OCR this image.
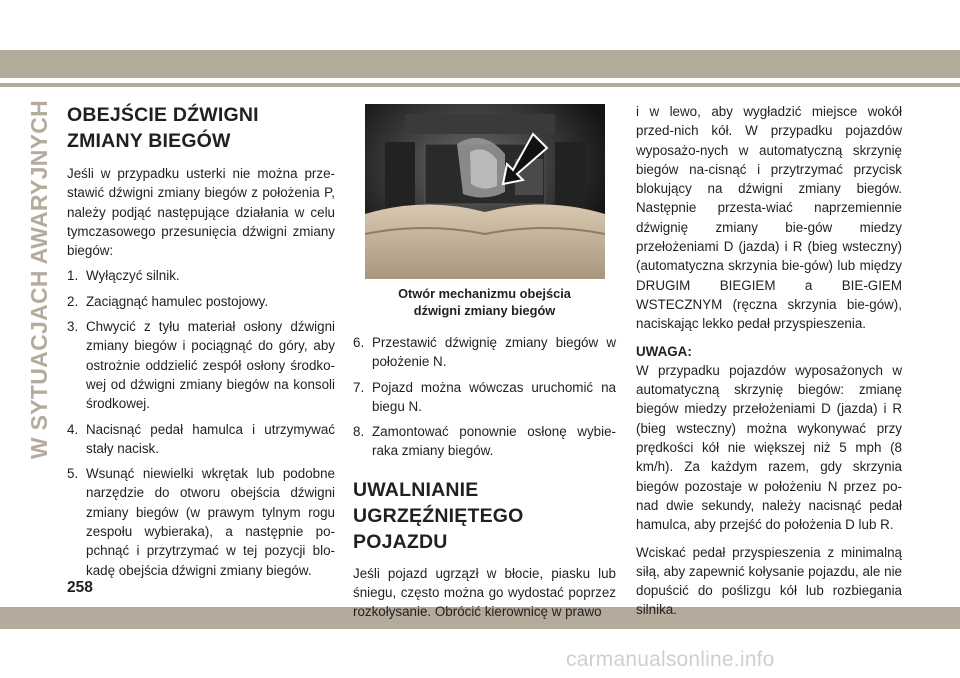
W SYTUACJACH AWARYJNYCH OBEJŚCIE DŹWIGNI
ZMIANY BIEGÓW

Jeśli w przypadku usterki nie można prze-stawić dźwigni zmiany biegów z położenia P, należy podjąć następujące działania w celu tymczasowego przesunięcia dźwigni zmiany biegów:

1. Wyłączyć silnik.
2. Zaciągnąć hamulec postojowy.
3. Chwycić z tyłu materiał osłony dźwigni zmiany biegów i pociągnąć do góry, aby ostrożnie oddzielić zespół osłony środko-wej od dźwigni zmiany biegów na konsoli środkowej.
4. Nacisnąć pedał hamulca i utrzymywać stały nacisk.
5. Wsunąć niewielki wkrętak lub podobne narzędzie do otworu obejścia dźwigni zmiany biegów (w prawym tylnym rogu zespołu wybieraka), a następnie po-pchnąć i przytrzymać w tej pozycji blo-kadę obejścia dźwigni zmiany biegów.
Otwór mechanizmu obejścia
dźwigni zmiany biegów
6. Przestawić dźwignię zmiany biegów w położenie N.
7. Pojazd można wówczas uruchomić na biegu N.
8. Zamontować ponownie osłonę wybie-raka zmiany biegów.
UWALNIANIE
UGRZĘŹNIĘTEGO POJAZDU

Jeśli pojazd ugrzązł w błocie, piasku lub śniegu, często można go wydostać poprzez rozkołysanie. Obrócić kierownicę w prawo

i w lewo, aby wygładzić miejsce wokół przed-nich kół. W przypadku pojazdów wyposażo-nych w automatyczną skrzynię biegów na-cisnąć i przytrzymać przycisk blokujący na dźwigni zmiany biegów. Następnie przesta-wiać naprzemiennie dźwignię zmiany bie-gów miedzy przełożeniami D (jazda) i R (bieg wsteczny) (automatyczna skrzynia bie-gów) lub między DRUGIM BIEGIEM a BIE-GIEM WSTECZNYM (ręczna skrzynia bie-gów), naciskając lekko pedał przyspieszenia.

UWAGA:
W przypadku pojazdów wyposażonych w automatyczną skrzynię biegów: zmianę biegów miedzy przełożeniami D (jazda) i R (bieg wsteczny) można wykonywać przy prędkości kół nie większej niż 5 mph (8 km/h). Za każdym razem, gdy skrzynia biegów pozostaje w położeniu N przez po-nad dwie sekundy, należy nacisnąć pedał hamulca, aby przejść do położenia D lub R.

Wciskać pedał przyspieszenia z minimalną siłą, aby zapewnić kołysanie pojazdu, ale nie dopuścić do poślizgu kół lub rozbiegania silnika.

258
carmanualsonline.info
